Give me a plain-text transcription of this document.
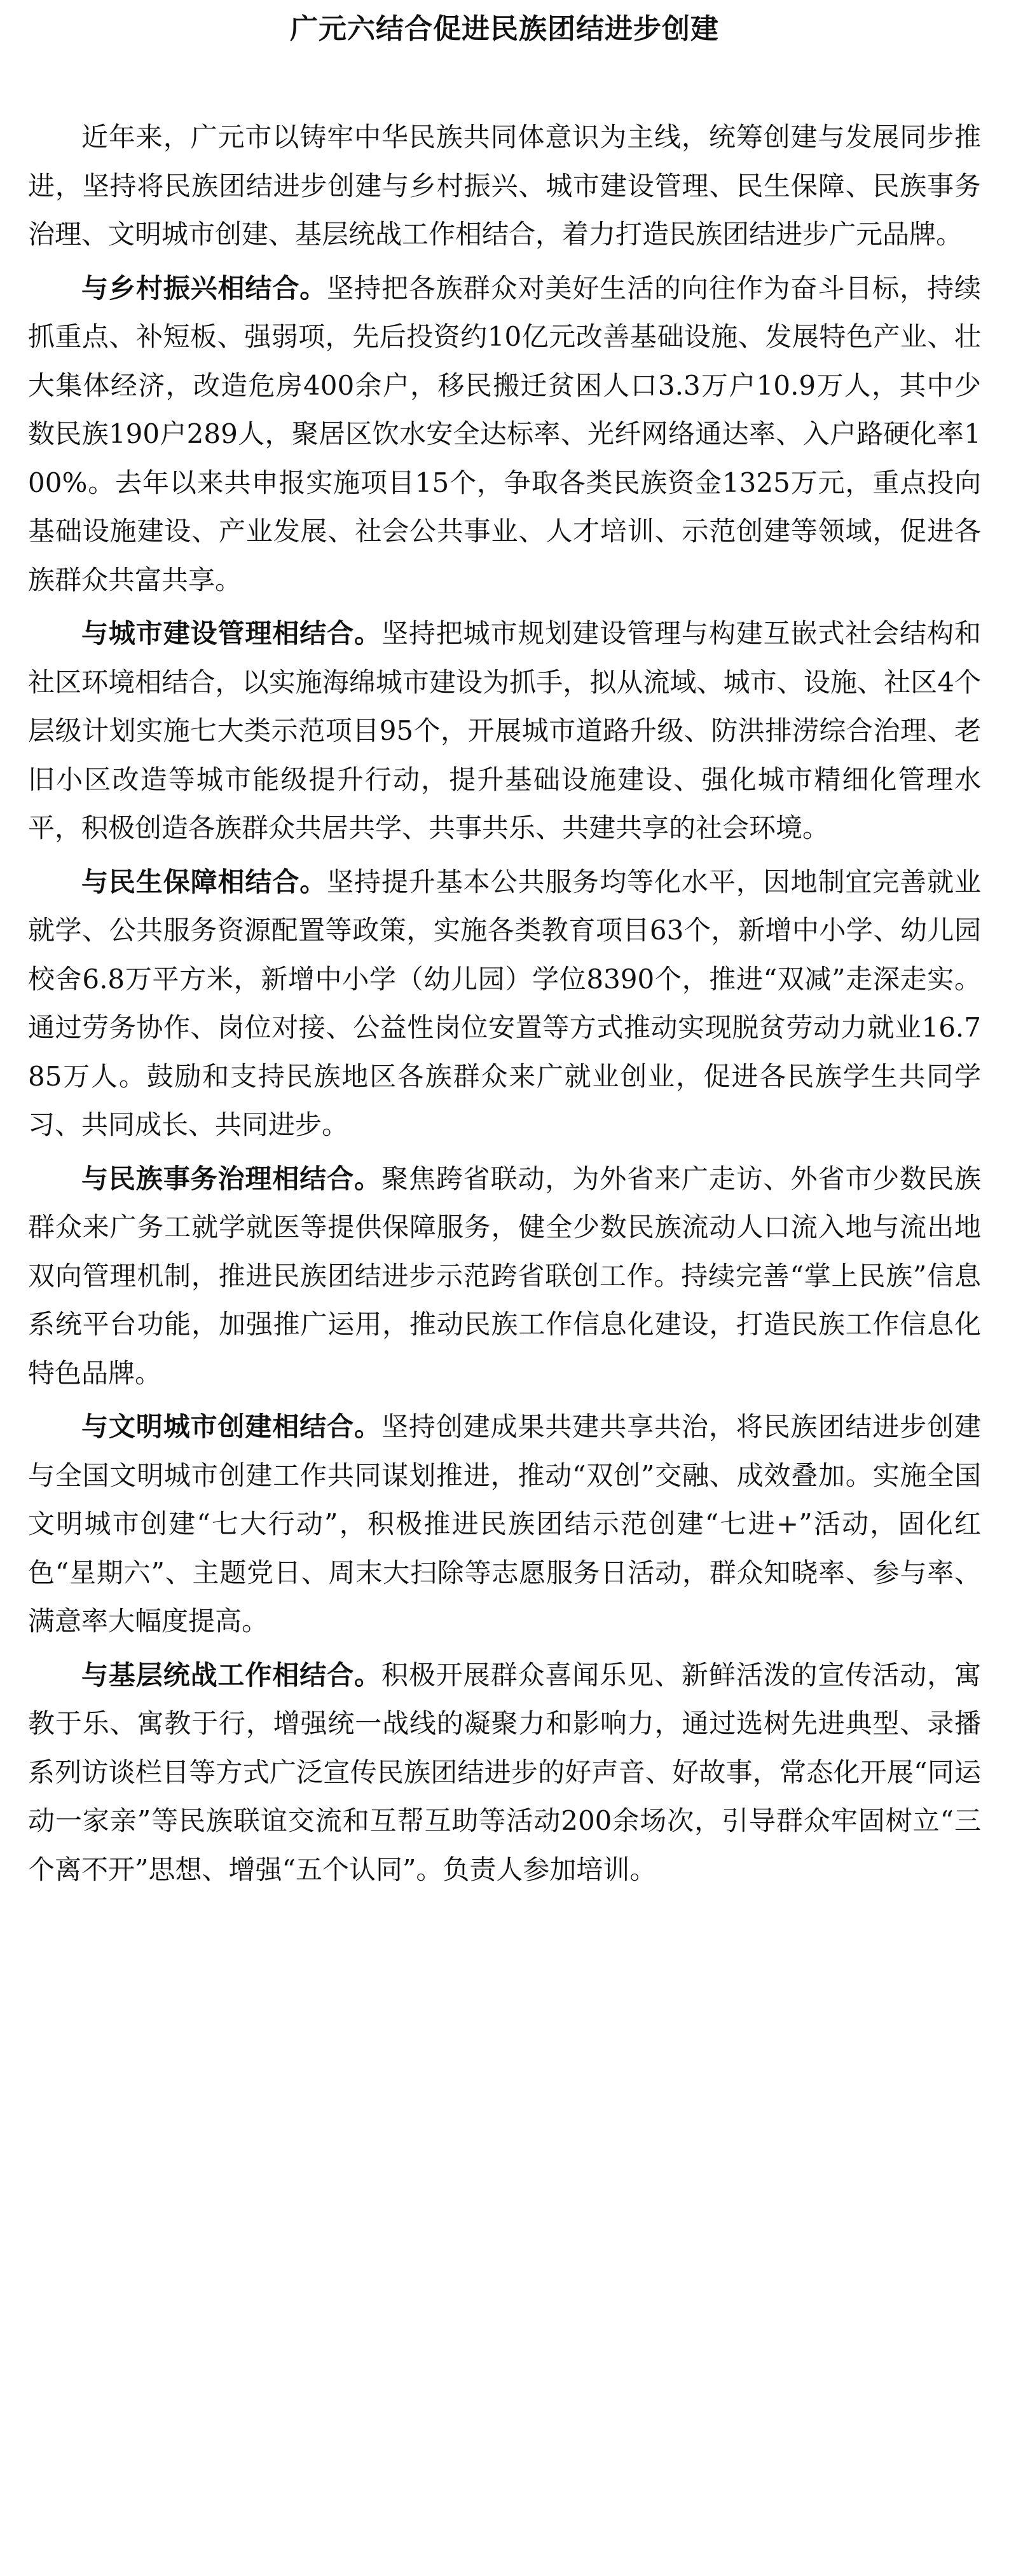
广元六结合促进民族团结进步创建

近年来，广元市以铸牢中华民族共同体意识为主线，统筹创建与发展同步推进，坚持将民族团结进步创建与乡村振兴、城市建设管理、民生保障、民族事务治理、文明城市创建、基层统战工作相结合，着力打造民族团结进步广元品牌。

与乡村振兴相结合。坚持把各族群众对美好生活的向往作为奋斗目标，持续抓重点、补短板、强弱项，先后投资约10亿元改善基础设施、发展特色产业、壮大集体经济，改造危房400余户，移民搬迁贫困人口3.3万户10.9万人，其中少数民族190户289人，聚居区饮水安全达标率、光纤网络通达率、入户路硬化率100%。去年以来共申报实施项目15个，争取各类民族资金1325万元，重点投向基础设施建设、产业发展、社会公共事业、人才培训、示范创建等领域，促进各族群众共富共享。

与城市建设管理相结合。坚持把城市规划建设管理与构建互嵌式社会结构和社区环境相结合，以实施海绵城市建设为抓手，拟从流域、城市、设施、社区4个层级计划实施七大类示范项目95个，开展城市道路升级、防洪排涝综合治理、老旧小区改造等城市能级提升行动，提升基础设施建设、强化城市精细化管理水平，积极创造各族群众共居共学、共事共乐、共建共享的社会环境。

与民生保障相结合。坚持提升基本公共服务均等化水平，因地制宜完善就业就学、公共服务资源配置等政策，实施各类教育项目63个，新增中小学、幼儿园校舍6.8万平方米，新增中小学（幼儿园）学位8390个，推进“双减”走深走实。通过劳务协作、岗位对接、公益性岗位安置等方式推动实现脱贫劳动力就业16.785万人。鼓励和支持民族地区各族群众来广就业创业，促进各民族学生共同学习、共同成长、共同进步。

与民族事务治理相结合。聚焦跨省联动，为外省来广走访、外省市少数民族群众来广务工就学就医等提供保障服务，健全少数民族流动人口流入地与流出地双向管理机制，推进民族团结进步示范跨省联创工作。持续完善“掌上民族”信息系统平台功能，加强推广运用，推动民族工作信息化建设，打造民族工作信息化特色品牌。

与文明城市创建相结合。坚持创建成果共建共享共治，将民族团结进步创建与全国文明城市创建工作共同谋划推进，推动“双创”交融、成效叠加。实施全国文明城市创建“七大行动”，积极推进民族团结示范创建“七进+”活动，固化红色“星期六”、主题党日、周末大扫除等志愿服务日活动，群众知晓率、参与率、满意率大幅度提高。

与基层统战工作相结合。积极开展群众喜闻乐见、新鲜活泼的宣传活动，寓教于乐、寓教于行，增强统一战线的凝聚力和影响力，通过选树先进典型、录播系列访谈栏目等方式广泛宣传民族团结进步的好声音、好故事，常态化开展“同运动一家亲”等民族联谊交流和互帮互助等活动200余场次，引导群众牢固树立“三个离不开”思想、增强“五个认同”。负责人参加培训。
